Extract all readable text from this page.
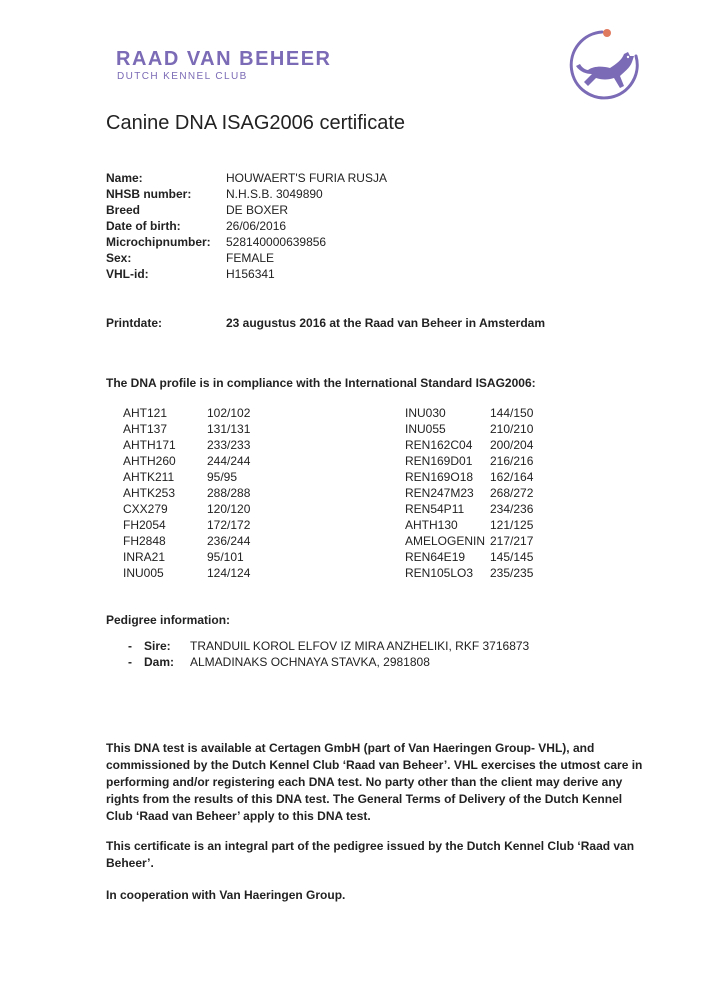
RAAD VAN BEHEER
DUTCH KENNEL CLUB
Canine DNA ISAG2006 certificate
Name:	HOUWAERT'S FURIA RUSJA
NHSB number:	N.H.S.B. 3049890
Breed	DE BOXER
Date of birth:	26/06/2016
Microchipnumber:	528140000639856
Sex:	FEMALE
VHL-id:	H156341
Printdate:	23 augustus 2016 at the Raad van Beheer in Amsterdam
The DNA profile is in compliance with the International Standard ISAG2006:
AHT121	102/102
AHT137	131/131
AHTH171	233/233
AHTH260	244/244
AHTK211	95/95
AHTK253	288/288
CXX279	120/120
FH2054	172/172
FH2848	236/244
INRA21	95/101
INU005	124/124
INU030	144/150
INU055	210/210
REN162C04	200/204
REN169D01	216/216
REN169O18	162/164
REN247M23	268/272
REN54P11	234/236
AHTH130	121/125
AMELOGENIN 217/217
REN64E19	145/145
REN105LO3	235/235
Pedigree information:
-	Sire:	TRANDUIL KOROL ELFOV IZ MIRA ANZHELIKI, RKF 3716873
-	Dam:	ALMADINAKS OCHNAYA STAVKA, 2981808
This DNA test is available at Certagen GmbH (part of Van Haeringen Group- VHL), and commissioned by the Dutch Kennel Club ‘Raad van Beheer’. VHL exercises the utmost care in performing and/or registering each DNA test. No party other than the client may derive any rights from the results of this DNA test. The General Terms of Delivery of the Dutch Kennel Club ‘Raad van Beheer’ apply to this DNA test.
This certificate is an integral part of the pedigree issued by the Dutch Kennel Club ‘Raad van Beheer’.
In cooperation with Van Haeringen Group.
